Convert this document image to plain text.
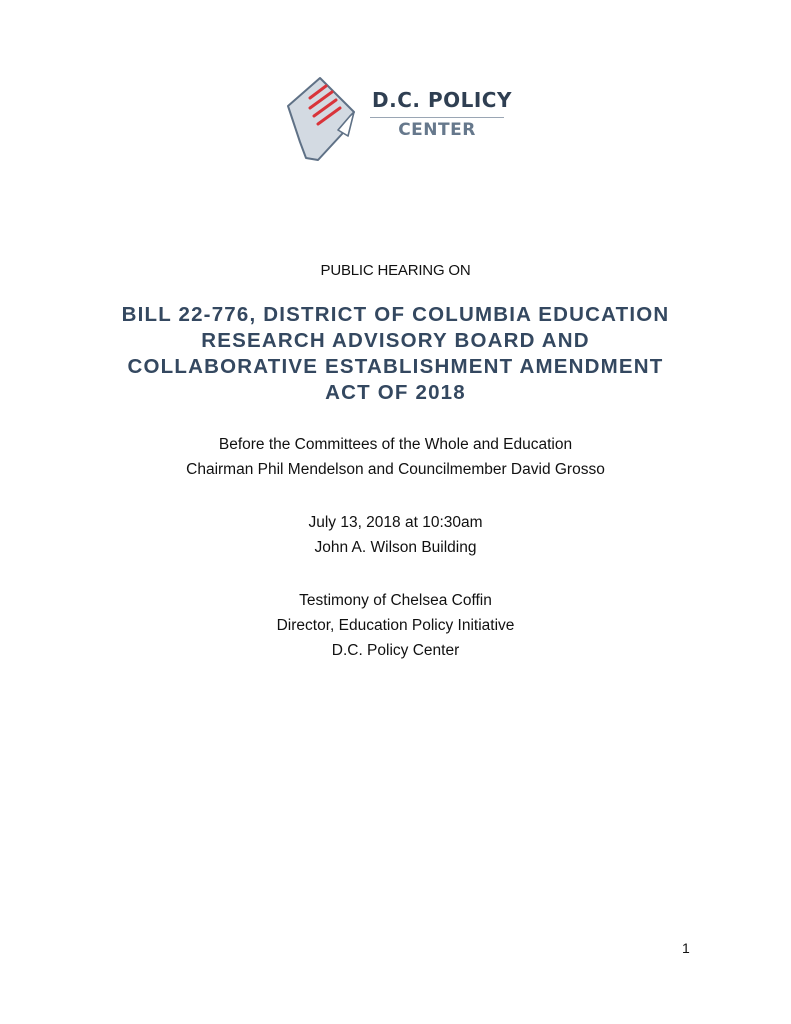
D.C. POLICY
CENTER
PUBLIC HEARING ON
BILL 22-776, DISTRICT OF COLUMBIA EDUCATION
RESEARCH ADVISORY BOARD AND
COLLABORATIVE ESTABLISHMENT AMENDMENT
ACT OF 2018
Before the Committees of the Whole and Education
Chairman Phil Mendelson and Councilmember David Grosso
July 13, 2018 at 10:30am
John A. Wilson Building
Testimony of Chelsea Coffin
Director, Education Policy Initiative
D.C. Policy Center
1
